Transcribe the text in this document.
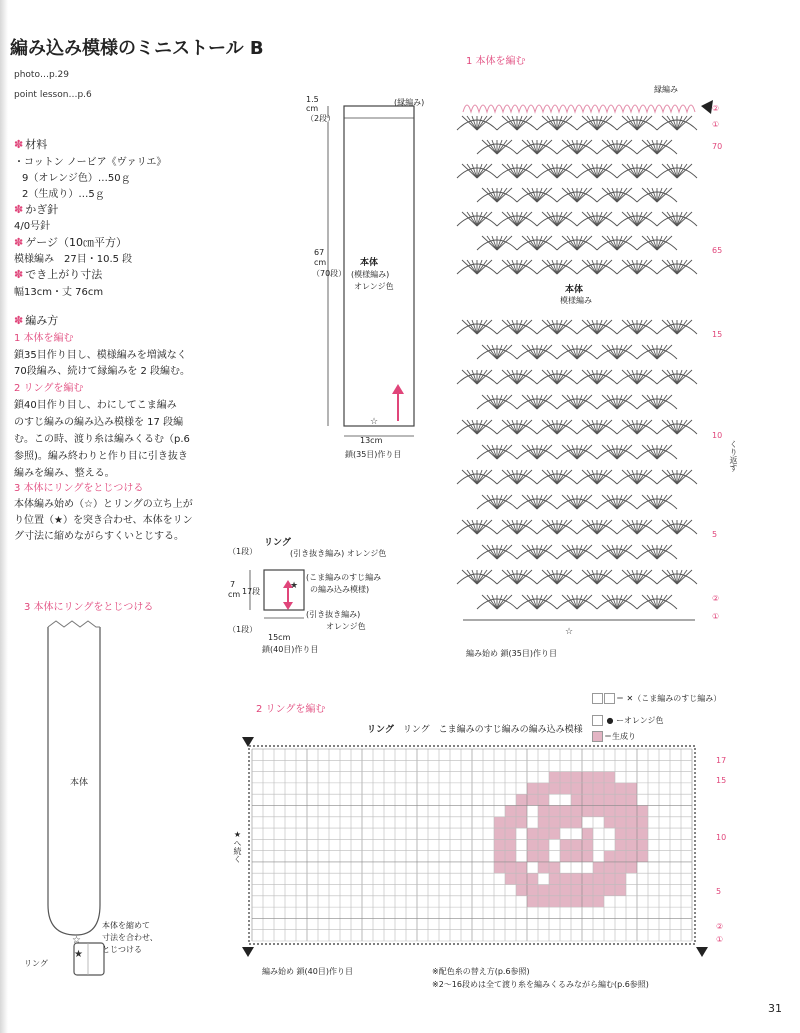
編み込み模様のミニストール B
photo…p.29
point lesson…p.6
✽ 材料
・コットン ノービア《ヴァリエ》
9（オレンジ色）…50ｇ
2（生成り）…5ｇ
✽ かぎ針
4/0号針
✽ ゲージ（10㎝平方）
模様編み　27目・10.5 段
✽ でき上がり寸法
幅13cm・丈 76cm
✽ 編み方
1 本体を編む
鎖35目作り目し、模様編みを増減なく
70段編み、続けて縁編みを 2 段編む。
2 リングを編む
鎖40目作り目し、わにしてこま編み
のすじ編みの編み込み模様を 17 段編
む。この時、渡り糸は編みくるむ（p.6
参照)。編み終わりと作り目に引き抜き
編みを編み、整える。
3 本体にリングをとじつける
本体編み始め（☆）とリングの立ち上が
り位置（★）を突き合わせ、本体をリン
グ寸法に縮めながらすくいとじする。
3 本体にリングをとじつける
☆
★
本体
リング
本体を縮めて
寸法を合わせ、
とじつける
☆
1.5
cm
（2段）
(縁編み)
67
cm
（70段）
本体
(模様編み)
オレンジ色
13cm
鎖(35目)作り目
リング
★
(引き抜き編み) オレンジ色
(こま編みのすじ編み
の編み込み模様)
(引き抜き編み)
オレンジ色
（1段）
7
cm 17段
（1段）
15cm
鎖(40目)作り目
1 本体を編む
縁編み
☆
本体
模様編み
くり返す
編み始め 鎖(35目)作り目
②
①
70
65
15
10
5
②
①
2 リングを編む
リング　 リング　こま編みのすじ編みの編み込み模様
＝ ✕（こま編みのすじ編み）
● ーオレンジ色
＝生成り
★へ続く
編み始め 鎖(40目)作り目	※配色糸の替え方(p.6参照)
※2～16段めは全て渡り糸を編みくるみながら編む(p.6参照)
17
15
10
5
②
①
31
